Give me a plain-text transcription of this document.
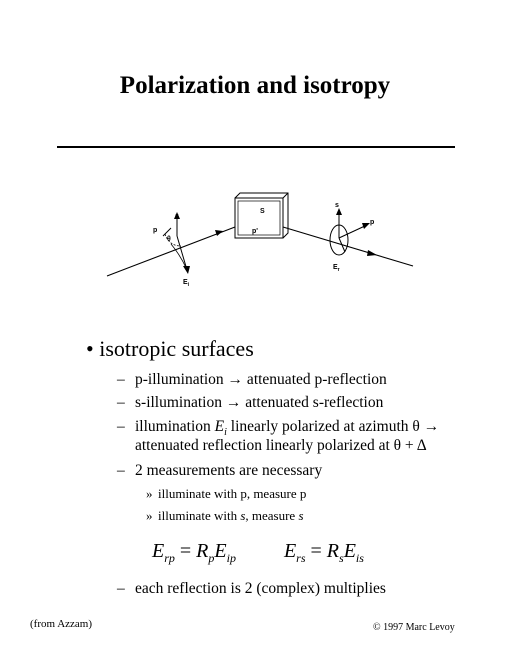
Polarization and isotropy
s
p
θ
$E_i$
S
p'
s
p
$E_r$
• isotropic surfaces
– p-illumination → attenuated p-reflection
– s-illumination → attenuated s-reflection
– illumination $E_i$ linearly polarized at azimuth θ →
attenuated reflection linearly polarized at θ + Δ
– 2 measurements are necessary
» illuminate with p, measure p
» illuminate with s, measure s
$E_{rp} = R_pE_{ip}$ $E_{rs} = R_sE_{is}$
– each reflection is 2 (complex) multiplies
(from Azzam)	© 1997 Marc Levoy
